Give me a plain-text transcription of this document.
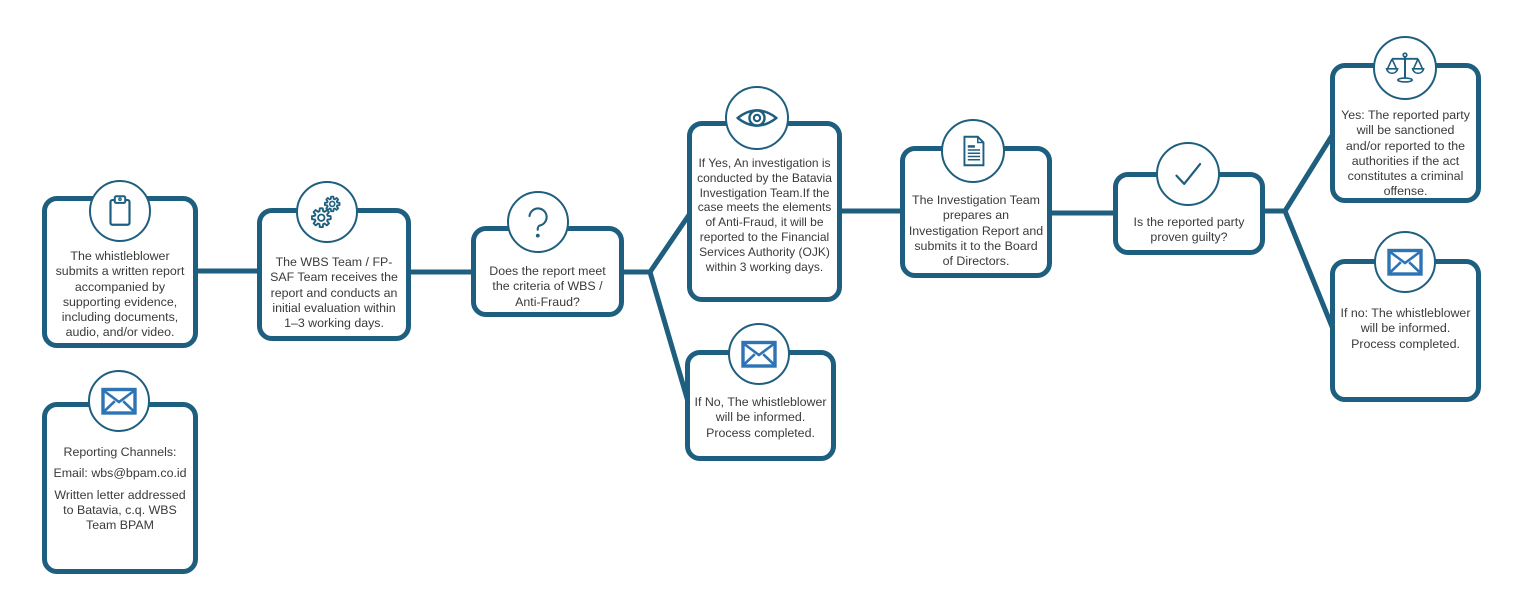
The whistleblower submits a written report accompanied by supporting evidence, including documents, audio, and/or video.

Reporting Channels:

Email: wbs@bpam.co.id

Written letter addressed to Batavia, c.q. WBS Team BPAM

The WBS Team / FP-SAF Team receives the report and conducts an initial evaluation within 1–3 working days.

Does the report meet the criteria of WBS / Anti-Fraud?

If Yes, An investigation is conducted by the Batavia Investigation Team.If the case meets the elements of Anti-Fraud, it will be reported to the Financial Services Authority (OJK) within 3 working days.

If No, The whistleblower will be informed. Process completed.

The Investigation Team prepares an Investigation Report and submits it to the Board of Directors.

Is the reported party proven guilty?

Yes: The reported party will be sanctioned and/or reported to the authorities if the act constitutes a criminal offense.

If no: The whistleblower will be informed. Process completed.
